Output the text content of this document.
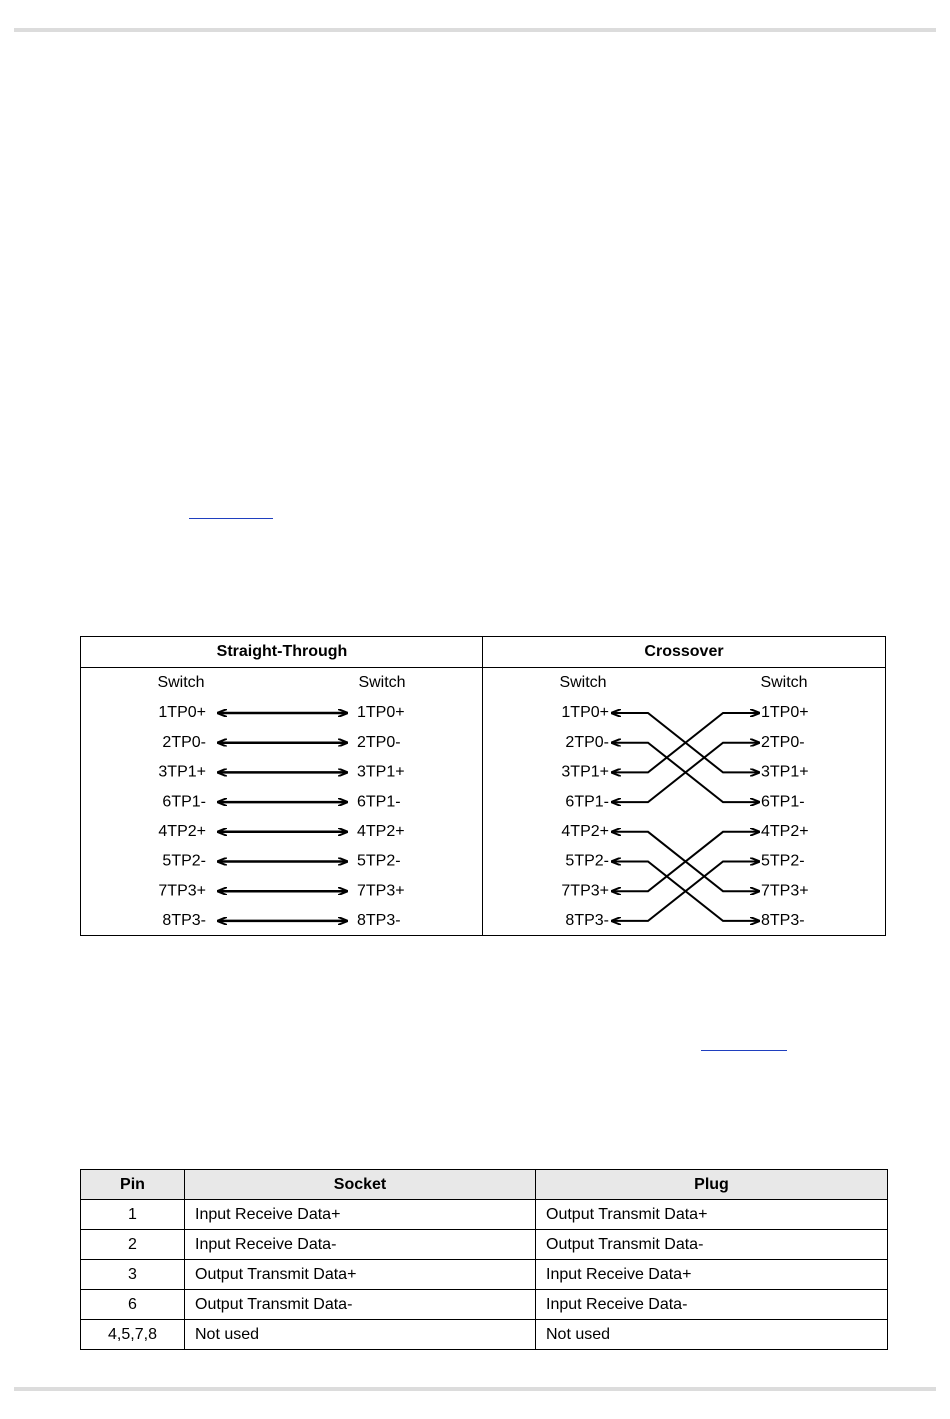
Straight-Through	Crossover
Switch	Switch
1TP0+	1TP0+
2TP0-	2TP0-
3TP1+	3TP1+
6TP1-	6TP1-
4TP2+	4TP2+
5TP2-	5TP2-
7TP3+	7TP3+
8TP3-	8TP3-
Switch	Switch
1TP0+	1TP0+
2TP0-	2TP0-
3TP1+	3TP1+
6TP1-	6TP1-
4TP2+	4TP2+
5TP2-	5TP2-
7TP3+	7TP3+
8TP3-	8TP3-
Pin	Socket	Plug
1	Input Receive Data+	Output Transmit Data+
2	Input Receive Data-	Output Transmit Data-
3	Output Transmit Data+	Input Receive Data+
6	Output Transmit Data-	Input Receive Data-
4,5,7,8	Not used	Not used
